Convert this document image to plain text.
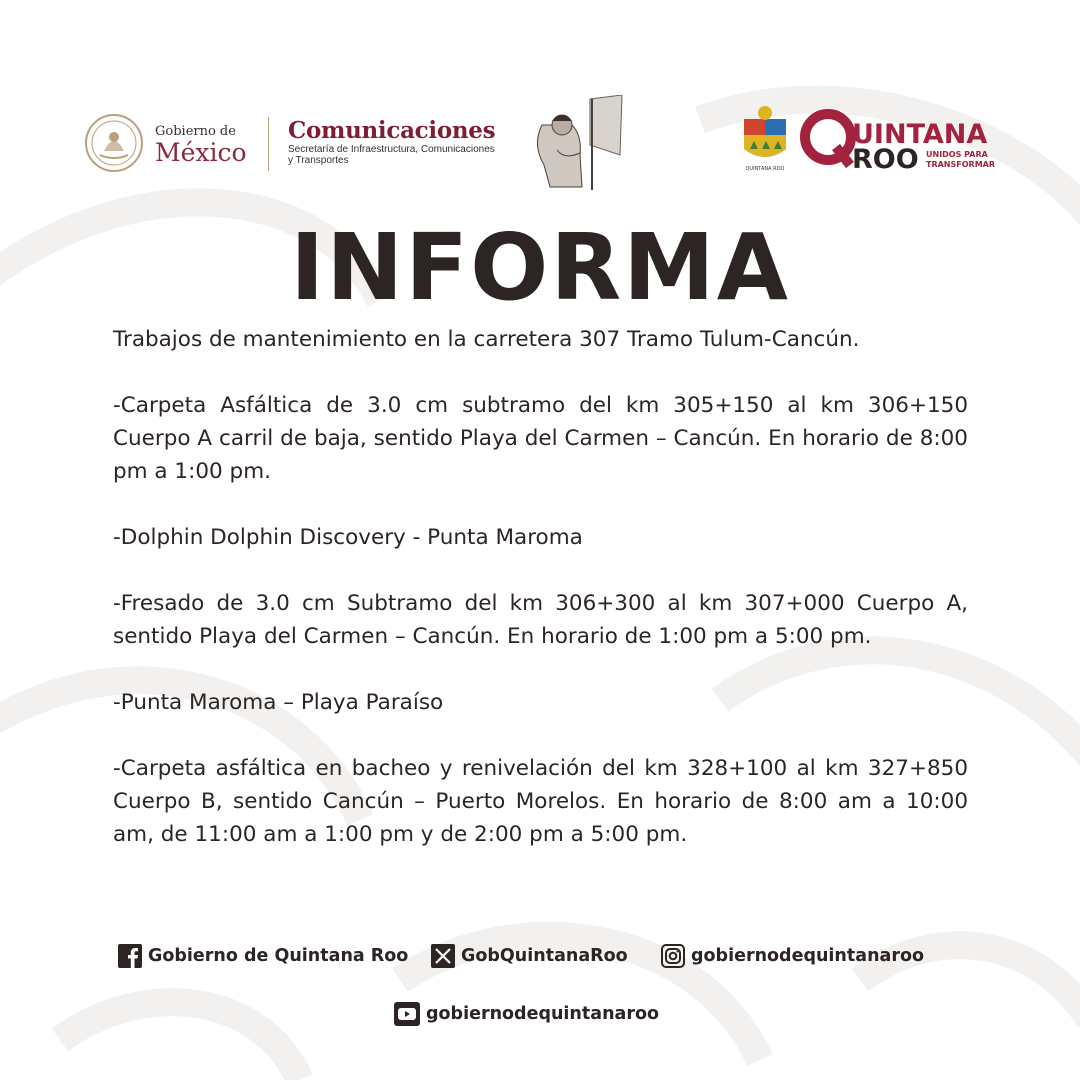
Gobierno de
México
Comunicaciones
Secretaría de Infraestructura, Comunicaciones
y Transportes
QUINTANA ROO
UINTANA
ROO UNIDOS PARA
TRANSFORMAR
INFORMA

Trabajos de mantenimiento en la carretera 307 Tramo Tulum-Cancún.

-Carpeta Asfáltica de 3.0 cm subtramo del km 305+150 al km 306+150 Cuerpo A carril de baja, sentido Playa del Carmen – Cancún. En horario de 8:00 pm a 1:00 pm.

-Dolphin Dolphin Discovery - Punta Maroma

-Fresado de 3.0 cm Subtramo del km 306+300 al km 307+000 Cuerpo A, sentido Playa del Carmen – Cancún. En horario de 1:00 pm a 5:00 pm.

-Punta Maroma – Playa Paraíso

-Carpeta asfáltica en bacheo y renivelación del km 328+100 al km 327+850 Cuerpo B, sentido Cancún – Puerto Morelos. En horario de 8:00 am a 10:00 am, de 11:00 am a 1:00 pm y de 2:00 pm a 5:00 pm.

Gobierno de Quintana Roo	GobQuintanaRoo	gobiernodequintanaroo
gobiernodequintanaroo
